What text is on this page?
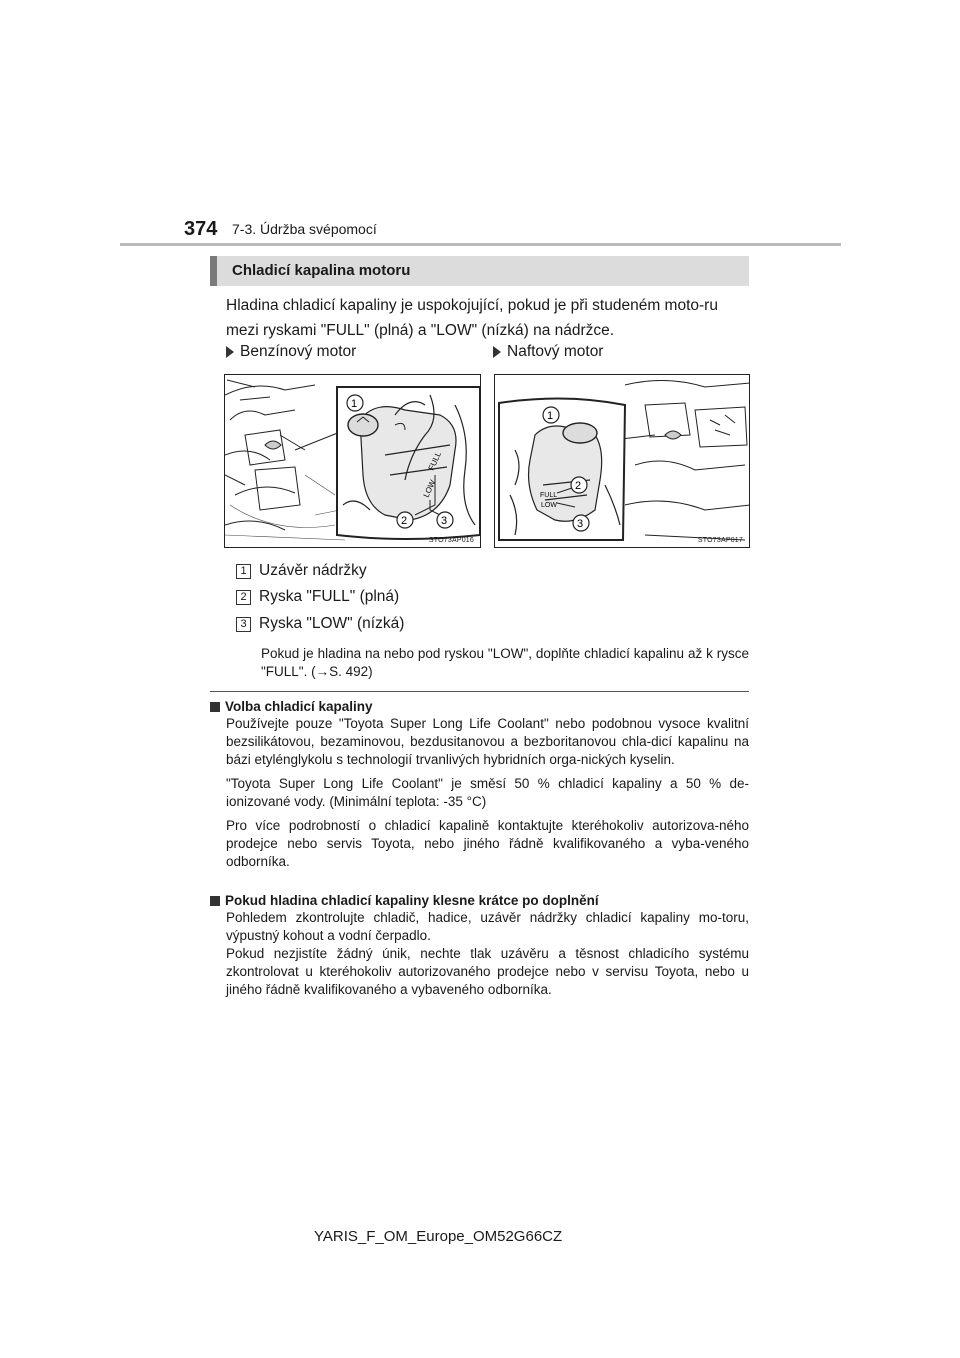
374 7-3. Údržba svépomocí
Chladicí kapalina motoru
Hladina chladicí kapaliny je uspokojující, pokud je při studeném moto-ru mezi ryskami "FULL" (plná) a "LOW" (nízká) na nádržce.
Benzínový motor	Naftový motor
FULL
LOW
1
2	3
STO73AP016
FULL
LOW
1
2
3
STO73AP017
1 Uzávěr nádržky
2 Ryska "FULL" (plná)
3 Ryska "LOW" (nízká)
Pokud je hladina na nebo pod ryskou "LOW", doplňte chladicí kapalinu až k rysce "FULL". (→S. 492)
Volba chladicí kapaliny

Používejte pouze "Toyota Super Long Life Coolant" nebo podobnou vysoce kvalitní bezsilikátovou, bezaminovou, bezdusitanovou a bezboritanovou chla-dicí kapalinu na bázi etylénglykolu s technologií trvanlivých hybridních orga-nických kyselin.

"Toyota Super Long Life Coolant" je směsí 50 % chladicí kapaliny a 50 % de-ionizované vody. (Minimální teplota: -35 °C)

Pro více podrobností o chladicí kapalině kontaktujte kteréhokoliv autorizova-ného prodejce nebo servis Toyota, nebo jiného řádně kvalifikovaného a vyba-veného odborníka.

Pokud hladina chladicí kapaliny klesne krátce po doplnění

Pohledem zkontrolujte chladič, hadice, uzávěr nádržky chladicí kapaliny mo-toru, výpustný kohout a vodní čerpadlo.
Pokud nezjistíte žádný únik, nechte tlak uzávěru a těsnost chladicího systému zkontrolovat u kteréhokoliv autorizovaného prodejce nebo v servisu Toyota, nebo u jiného řádně kvalifikovaného a vybaveného odborníka.

YARIS_F_OM_Europe_OM52G66CZ
